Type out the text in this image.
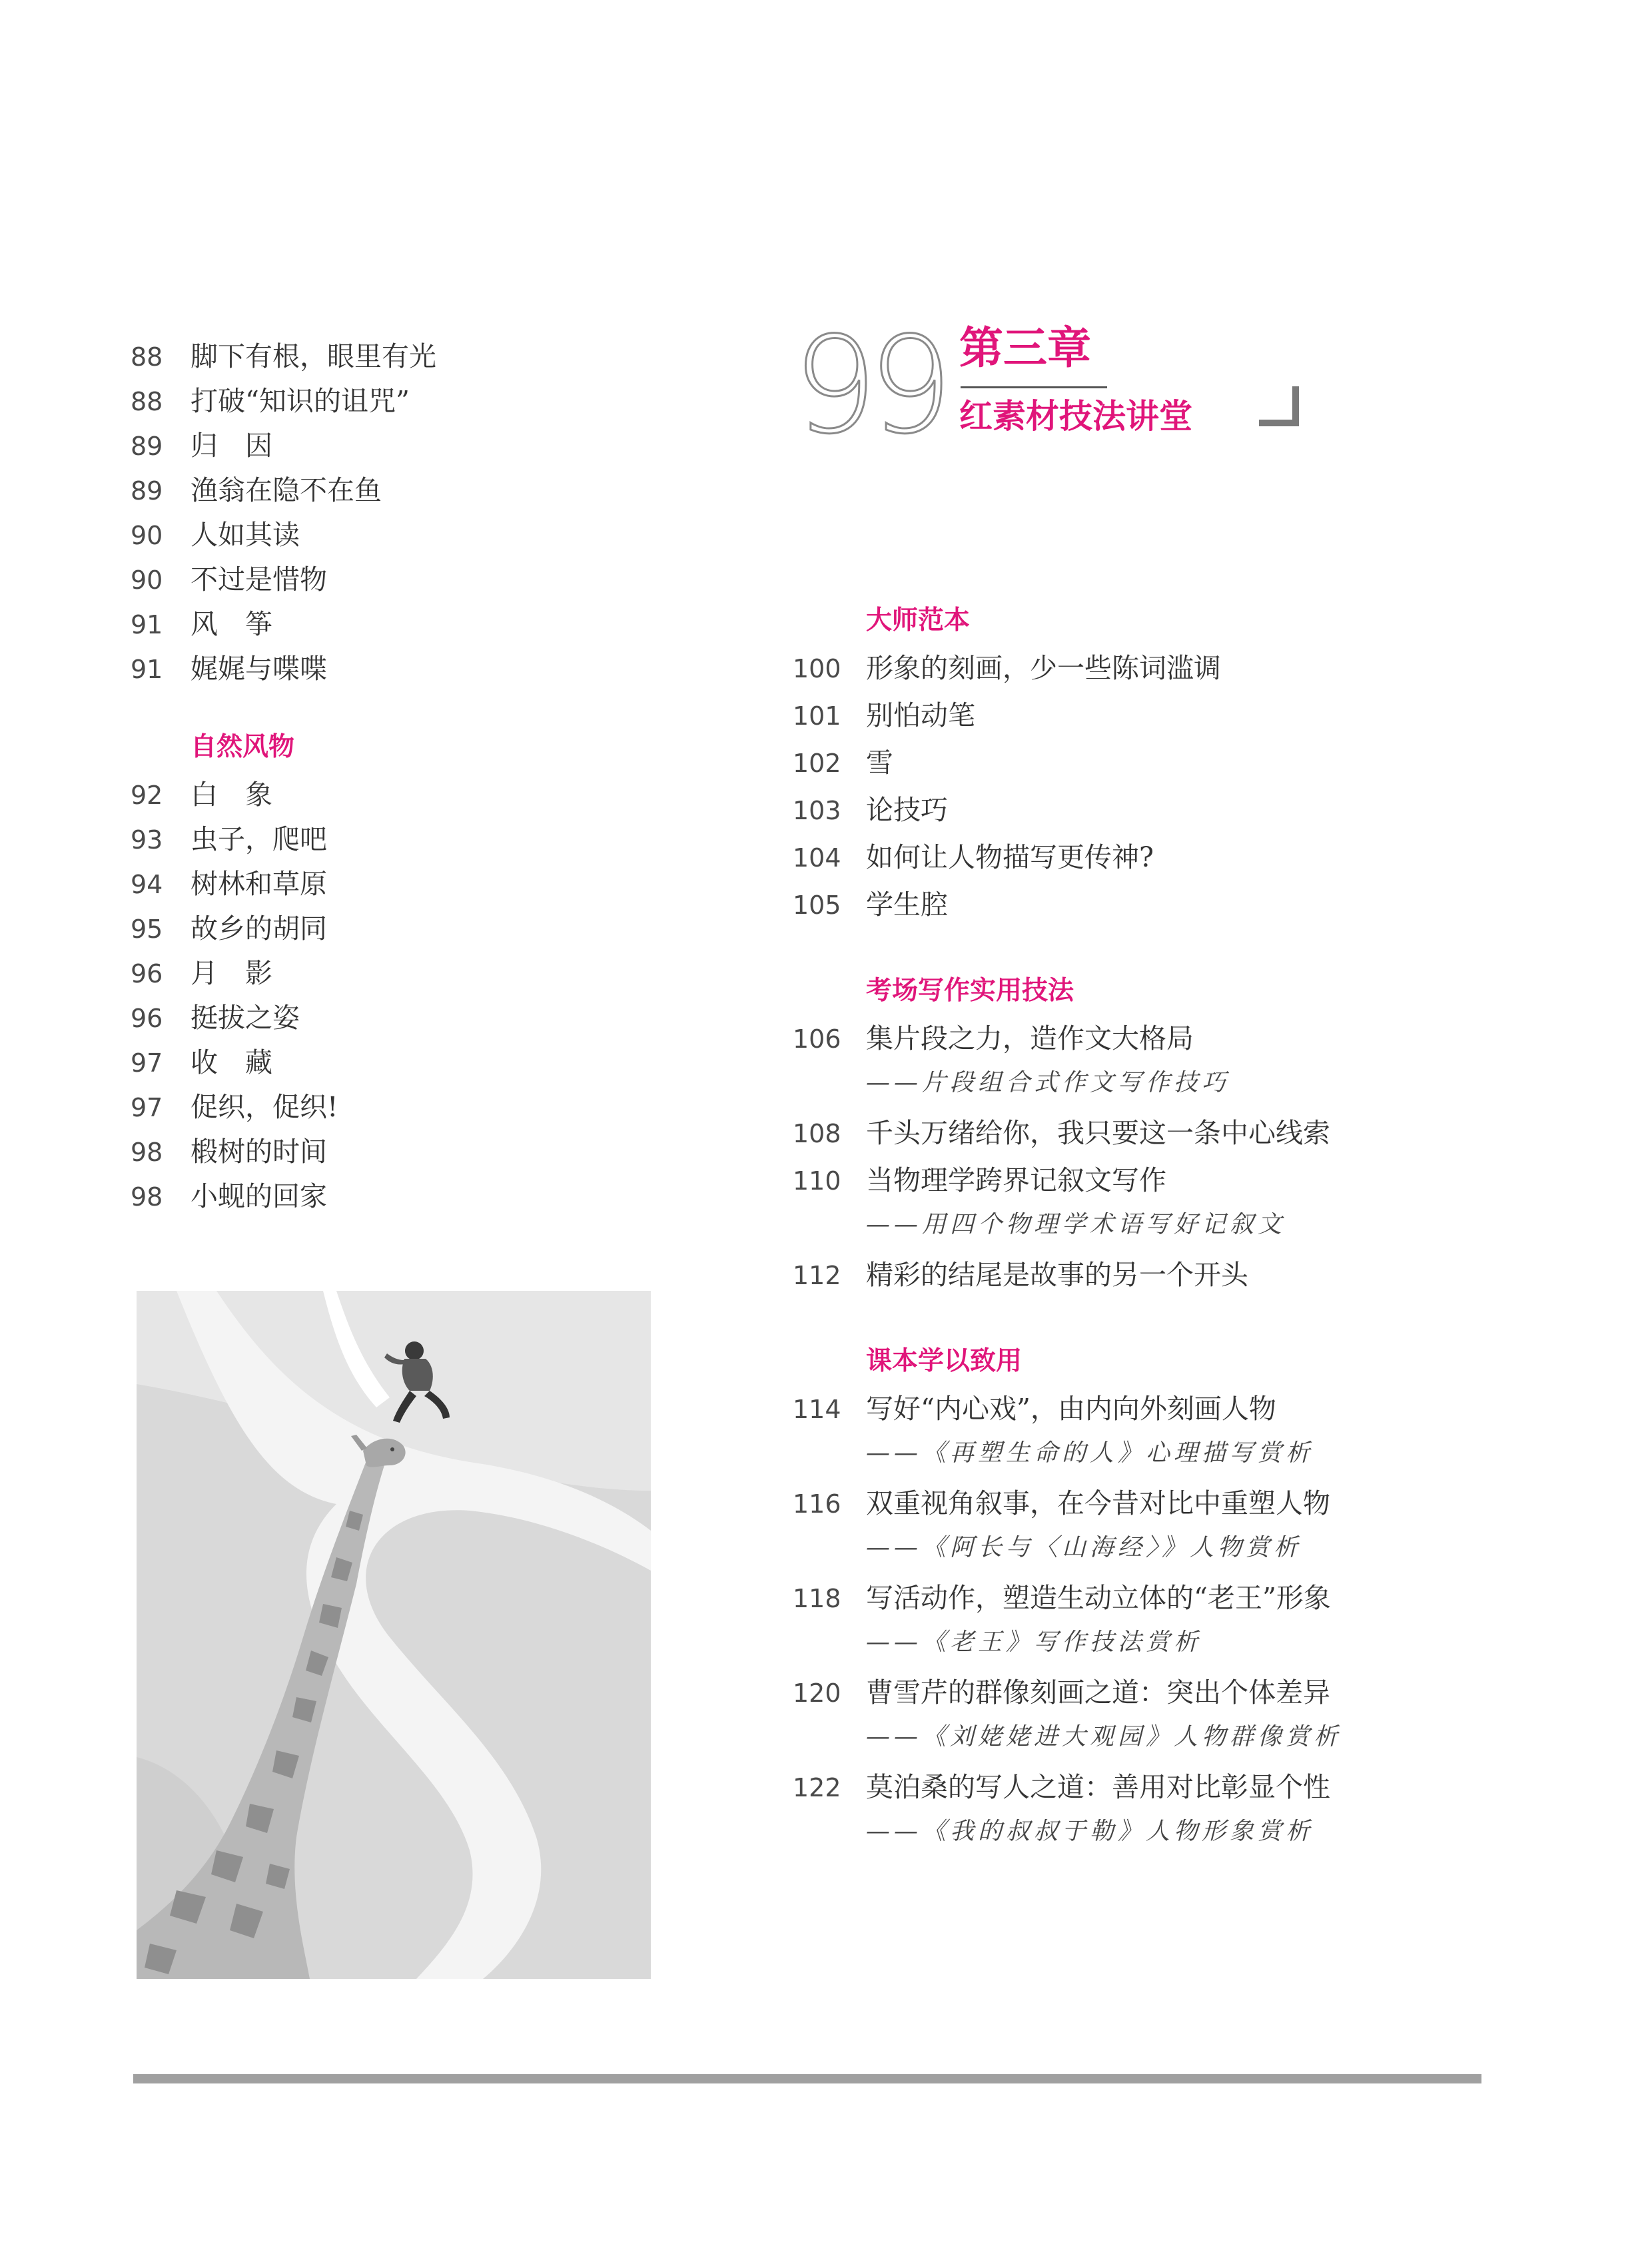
88	脚下有根，眼里有光
88	打破“知识的诅咒”
89	归　因
89	渔翁在隐不在鱼
90	人如其读
90	不过是惜物
91	风　筝
91	娓娓与喋喋
自然风物
92	白　象
93	虫子，爬吧
94	树林和草原
95	故乡的胡同
96	月　影
96	挺拔之姿
97	收　藏
97	促织，促织!
98	椴树的时间
98	小蚬的回家
99 第三章
红素材技法讲堂
大师范本
100 形象的刻画，少一些陈词滥调
101 别怕动笔
102 雪
103 论技巧
104 如何让人物描写更传神?
105 学生腔
考场写作实用技法
106 集片段之力，造作文大格局
——片段组合式作文写作技巧
108 千头万绪给你，我只要这一条中心线索
110 当物理学跨界记叙文写作
——用四个物理学术语写好记叙文
112 精彩的结尾是故事的另一个开头
课本学以致用
114 写好“内心戏”，由内向外刻画人物
——《再塑生命的人》心理描写赏析
116 双重视角叙事，在今昔对比中重塑人物
——《阿长与〈山海经〉》人物赏析
118 写活动作，塑造生动立体的“老王”形象
——《老王》写作技法赏析
120 曹雪芹的群像刻画之道：突出个体差异
——《刘姥姥进大观园》人物群像赏析
122 莫泊桑的写人之道：善用对比彰显个性
——《我的叔叔于勒》人物形象赏析
